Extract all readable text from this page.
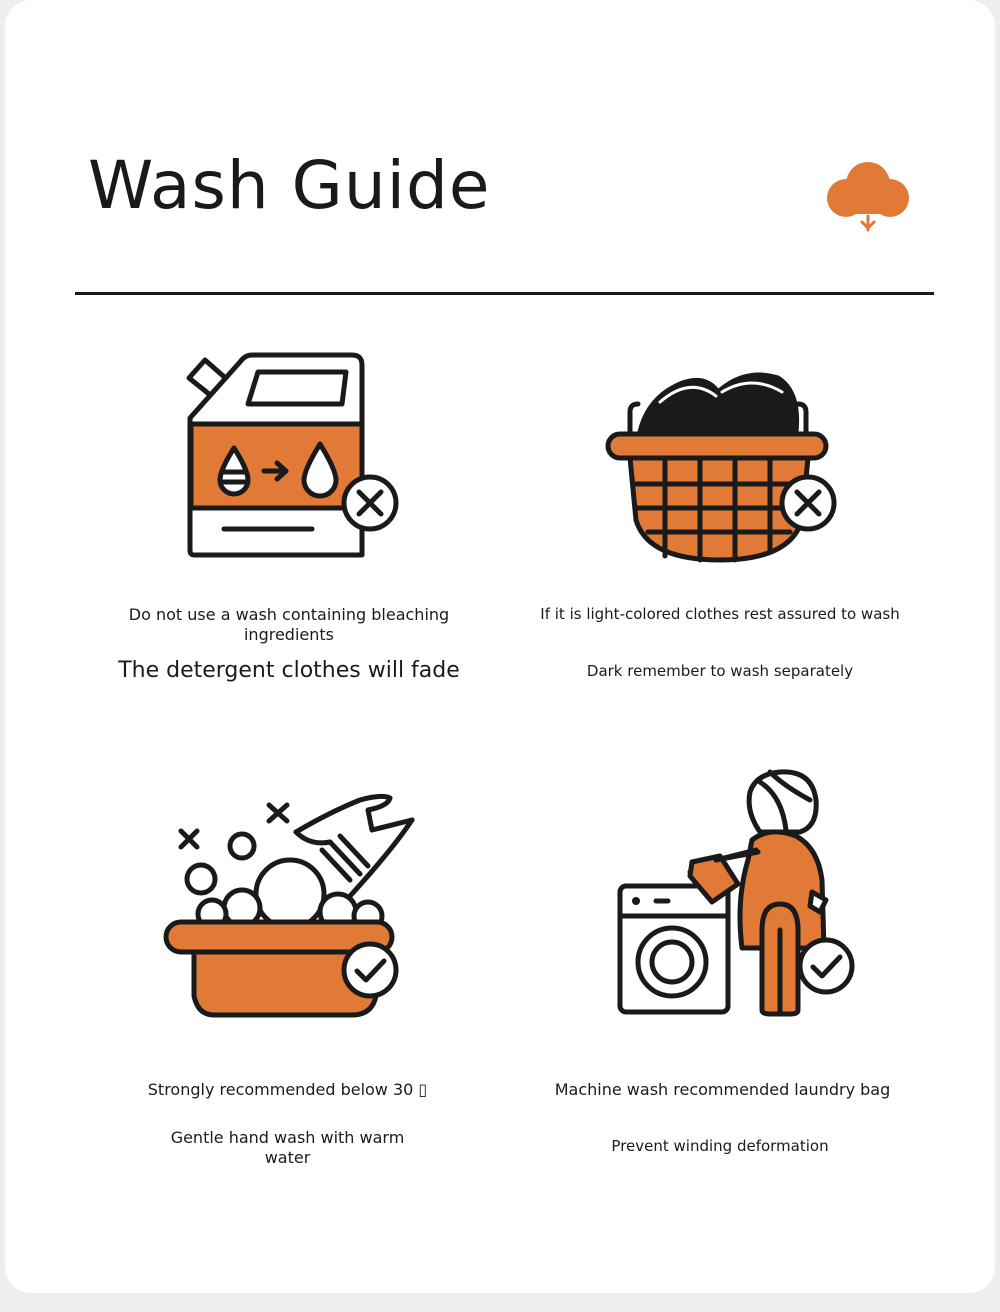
Wash Guide

Do not use a wash containing bleaching ingredients

The detergent clothes will fade

If it is light-colored clothes rest assured to wash

Dark remember to wash separately

Strongly recommended below 30 ▯

Gentle hand wash with warm water

Machine wash recommended laundry bag

Prevent winding deformation
